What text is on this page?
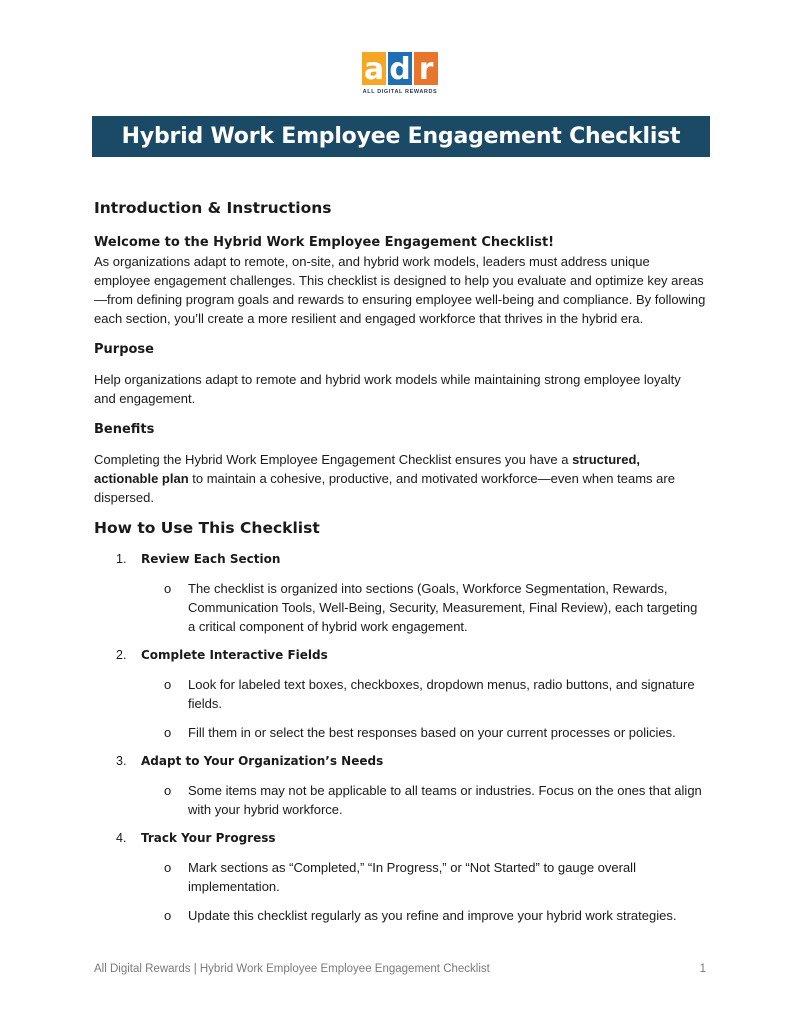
a d r
ALL DIGITAL REWARDS
Hybrid Work Employee Engagement Checklist
Introduction & Instructions
Welcome to the Hybrid Work Employee Engagement Checklist!

As organizations adapt to remote, on-site, and hybrid work models, leaders must address unique employee engagement challenges. This checklist is designed to help you evaluate and optimize key areas—from defining program goals and rewards to ensuring employee well-being and compliance. By following each section, you’ll create a more resilient and engaged workforce that thrives in the hybrid era.

Purpose

Help organizations adapt to remote and hybrid work models while maintaining strong employee loyalty and engagement.

Benefits

Completing the Hybrid Work Employee Engagement Checklist ensures you have a structured, actionable plan to maintain a cohesive, productive, and motivated workforce—even when teams are dispersed.

How to Use This Checklist
1.	Review Each Section
o	The checklist is organized into sections (Goals, Workforce Segmentation, Rewards, Communication Tools, Well-Being, Security, Measurement, Final Review), each targeting a critical component of hybrid work engagement.
2.	Complete Interactive Fields
o	Look for labeled text boxes, checkboxes, dropdown menus, radio buttons, and signature fields.
o	Fill them in or select the best responses based on your current processes or policies.
3.	Adapt to Your Organization’s Needs
o	Some items may not be applicable to all teams or industries. Focus on the ones that align with your hybrid workforce.
4.	Track Your Progress
o	Mark sections as “Completed,” “In Progress,” or “Not Started” to gauge overall implementation.
o	Update this checklist regularly as you refine and improve your hybrid work strategies.
All Digital Rewards | Hybrid Work Employee Employee Engagement Checklist	1
